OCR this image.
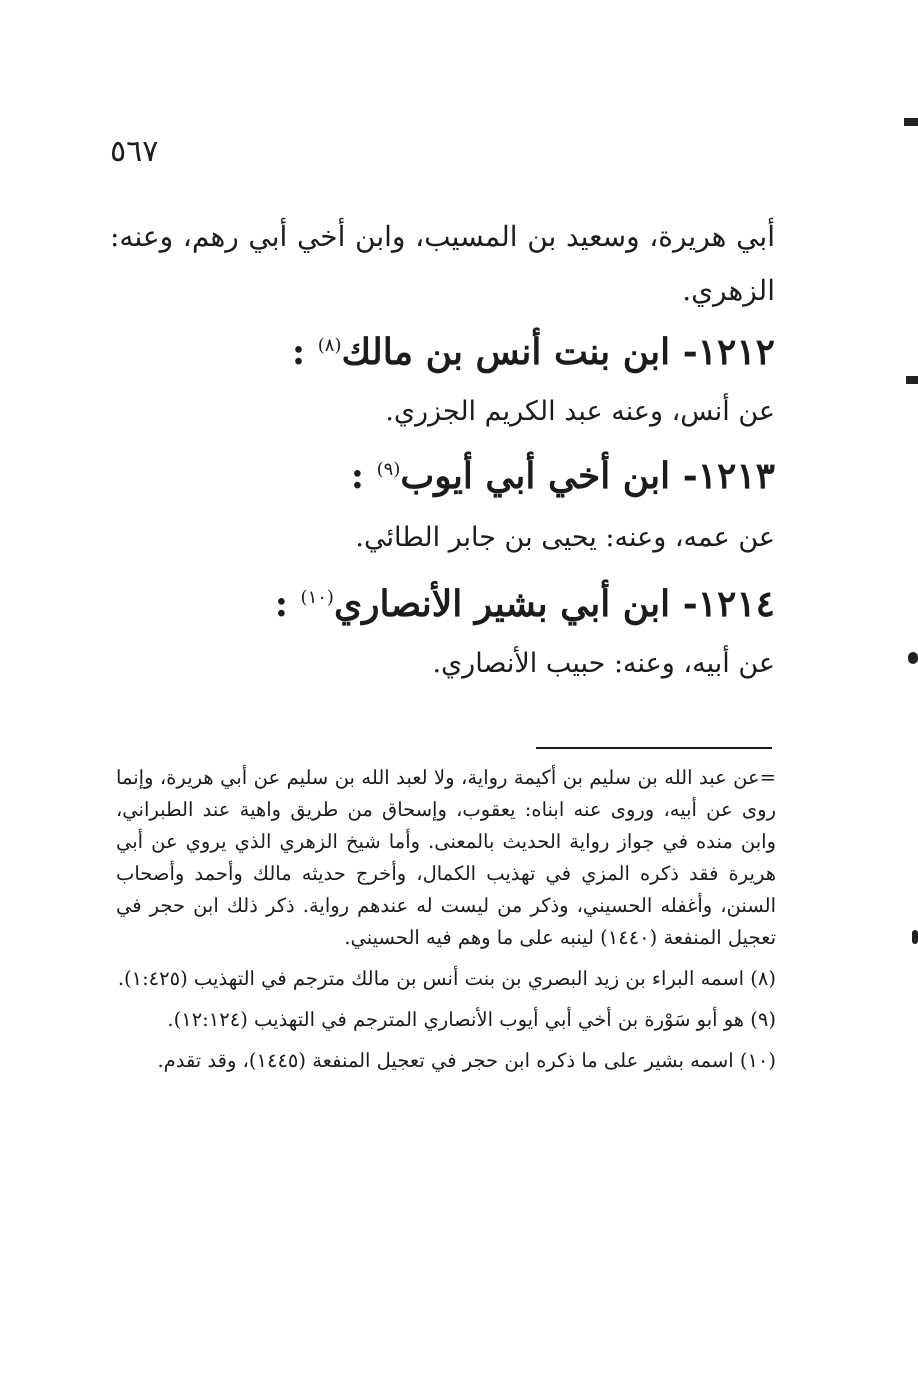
٥٦٧
أبي هريرة، وسعيد بن المسيب، وابن أخي أبي رهم، وعنه: الزهري.
١٢١٢- ابن بنت أنس بن مالك$^{(٨)}$ :
عن أنس، وعنه عبد الكريم الجزري.
١٢١٣- ابن أخي أبي أيوب$^{(٩)}$ :
عن عمه، وعنه: يحيى بن جابر الطائي.
١٢١٤- ابن أبي بشير الأنصاري$^{(١٠)}$ :
عن أبيه، وعنه: حبيب الأنصاري.

=عن عبد الله بن سليم بن أكيمة رواية، ولا لعبد الله بن سليم عن أبي هريرة، وإنما روى عن أبيه، وروى عنه ابناه: يعقوب، وإسحاق من طريق واهية عند الطبراني، وابن منده في جواز رواية الحديث بالمعنى. وأما شيخ الزهري الذي يروي عن أبي هريرة فقد ذكره المزي في تهذيب الكمال، وأخرج حديثه مالك وأحمد وأصحاب السنن، وأغفله الحسيني، وذكر من ليست له عندهم رواية. ذكر ذلك ابن حجر في تعجيل المنفعة (١٤٤٠) لينبه على ما وهم فيه الحسيني.

(٨) اسمه البراء بن زيد البصري بن بنت أنس بن مالك مترجم في التهذيب (١:٤٢٥).

(٩) هو أبو سَوْرة بن أخي أبي أيوب الأنصاري المترجم في التهذيب (١٢:١٢٤).

(١٠) اسمه بشير على ما ذكره ابن حجر في تعجيل المنفعة (١٤٤٥)، وقد تقدم.
